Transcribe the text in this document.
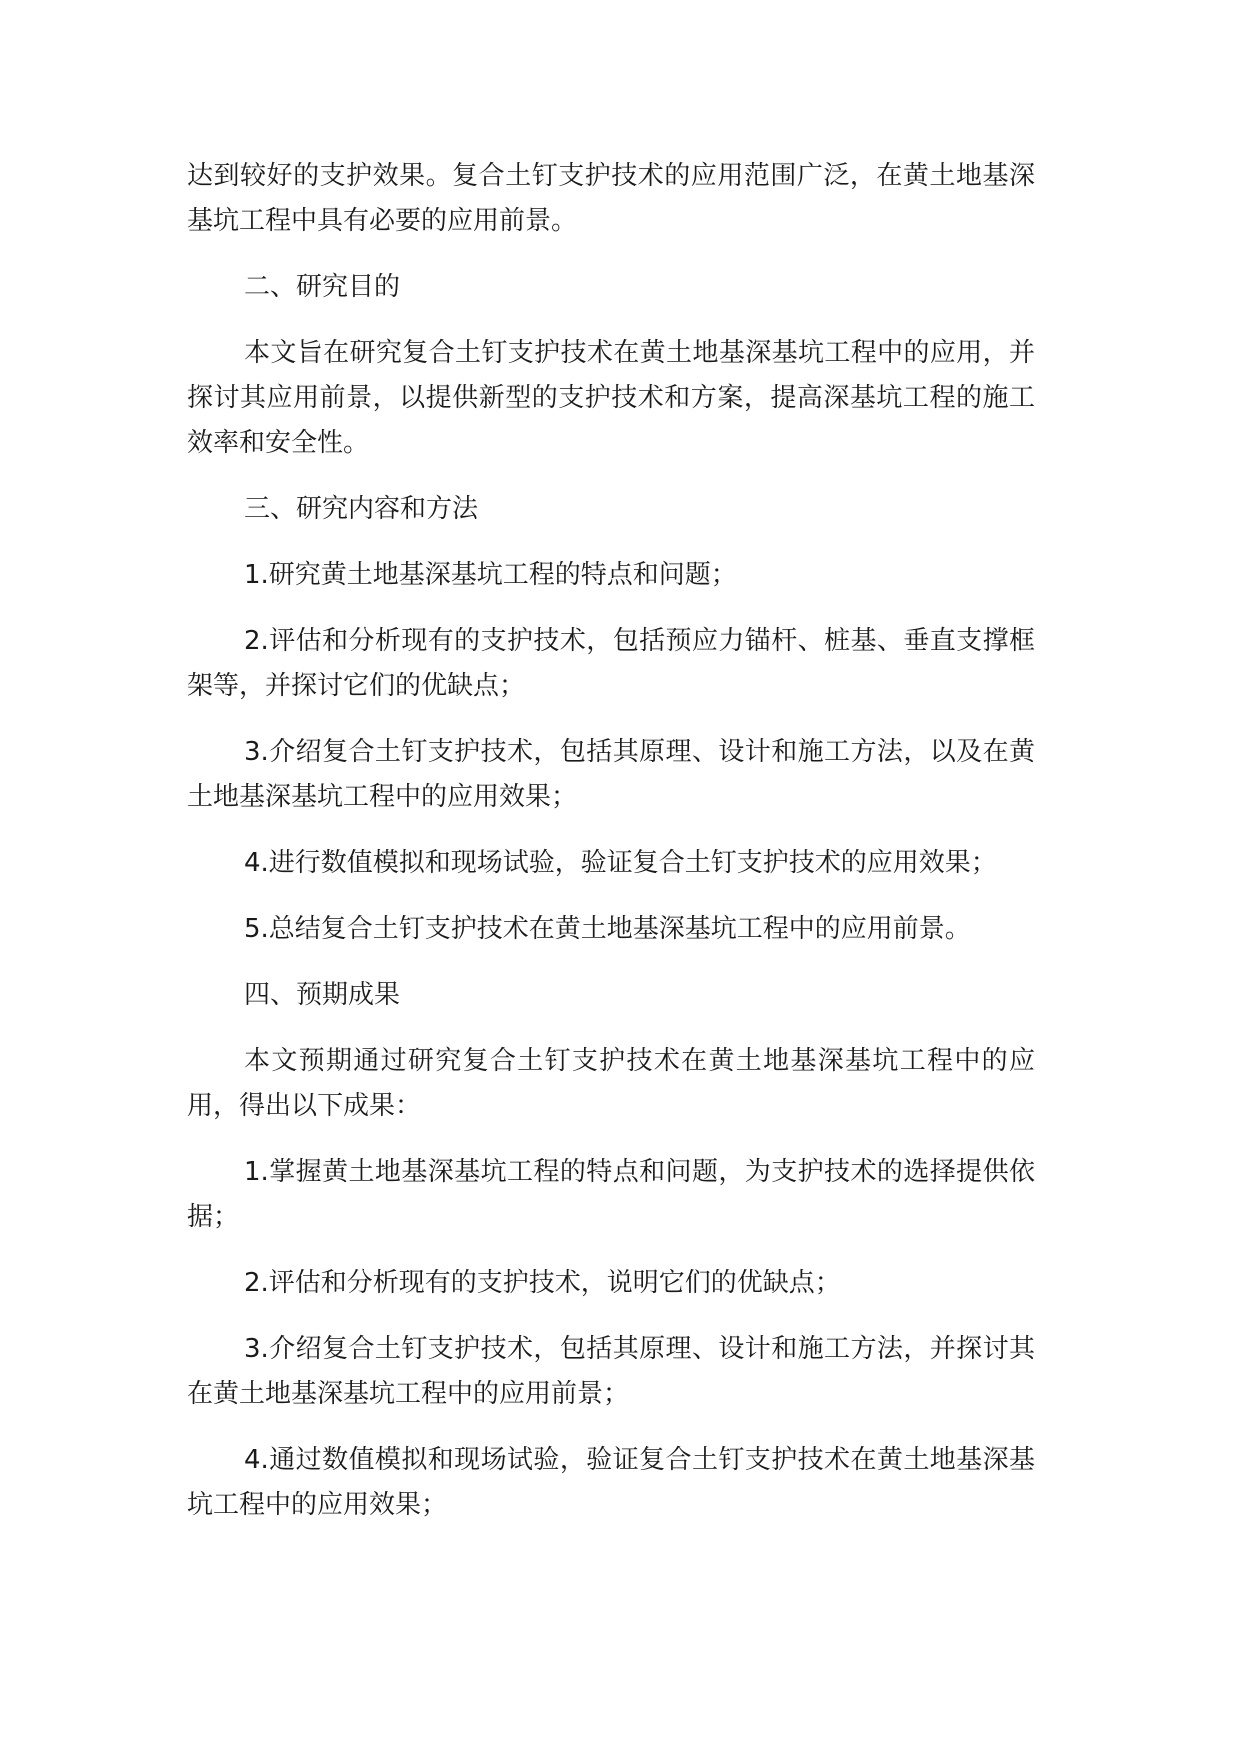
达到较好的支护效果。复合土钉支护技术的应用范围广泛，在黄土地基深基坑工程中具有必要的应用前景。

二、研究目的

本文旨在研究复合土钉支护技术在黄土地基深基坑工程中的应用，并探讨其应用前景，以提供新型的支护技术和方案，提高深基坑工程的施工效率和安全性。

三、研究内容和方法

1.研究黄土地基深基坑工程的特点和问题；

2.评估和分析现有的支护技术，包括预应力锚杆、桩基、垂直支撑框架等，并探讨它们的优缺点；

3.介绍复合土钉支护技术，包括其原理、设计和施工方法，以及在黄土地基深基坑工程中的应用效果；

4.进行数值模拟和现场试验，验证复合土钉支护技术的应用效果；

5.总结复合土钉支护技术在黄土地基深基坑工程中的应用前景。

四、预期成果

本文预期通过研究复合土钉支护技术在黄土地基深基坑工程中的应用，得出以下成果：

1.掌握黄土地基深基坑工程的特点和问题，为支护技术的选择提供依据；

2.评估和分析现有的支护技术，说明它们的优缺点；

3.介绍复合土钉支护技术，包括其原理、设计和施工方法，并探讨其在黄土地基深基坑工程中的应用前景；

4.通过数值模拟和现场试验，验证复合土钉支护技术在黄土地基深基坑工程中的应用效果；
